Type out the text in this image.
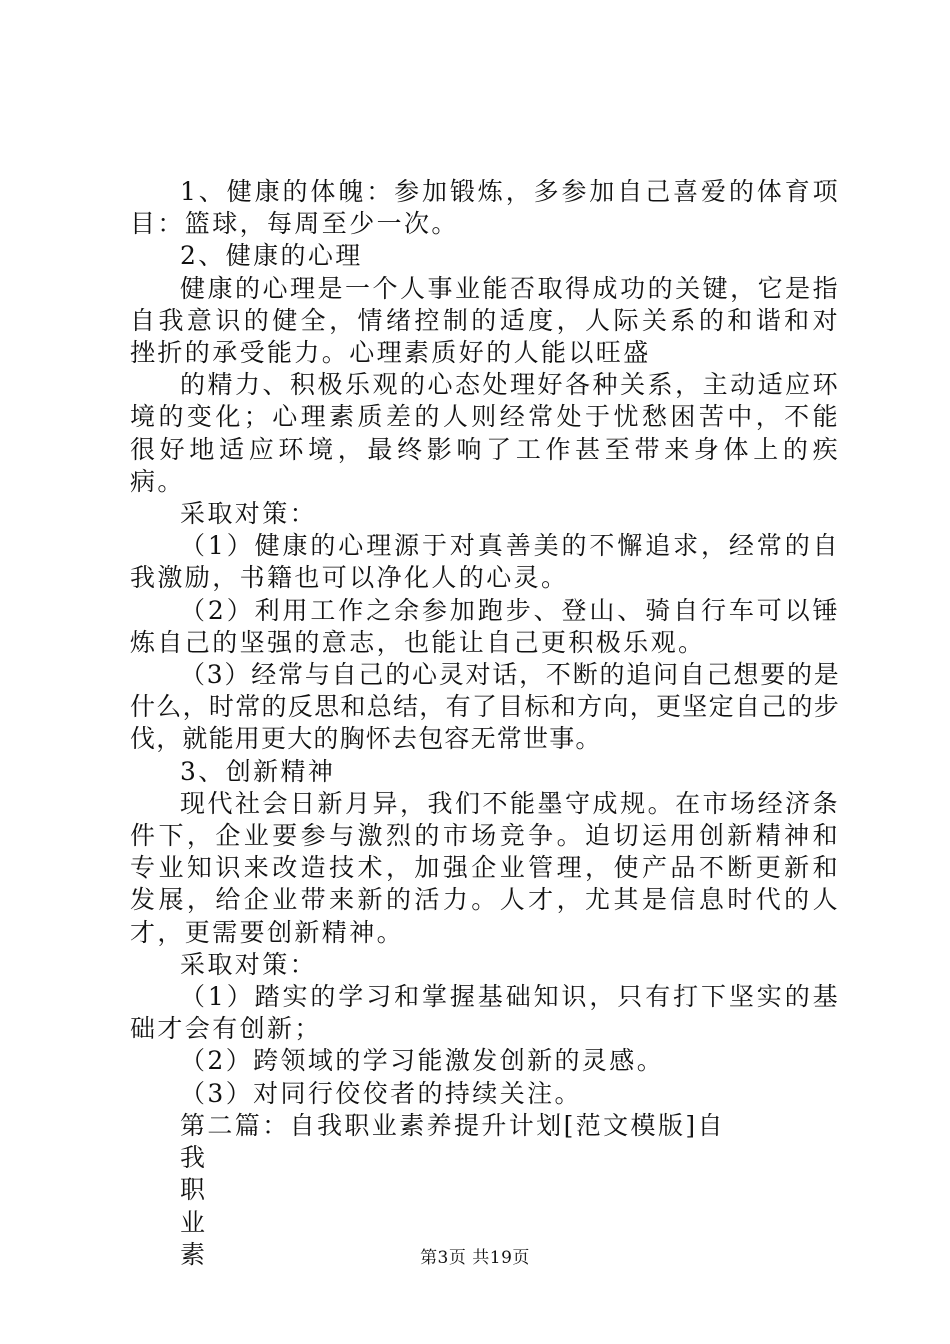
1、健康的体魄：参加锻炼，多参加自己喜爱的体育项目：篮球，每周至少一次。

2、健康的心理

健康的心理是一个人事业能否取得成功的关键，它是指自我意识的健全，情绪控制的适度，人际关系的和谐和对挫折的承受能力。心理素质好的人能以旺盛

的精力、积极乐观的心态处理好各种关系，主动适应环境的变化；心理素质差的人则经常处于忧愁困苦中，不能很好地适应环境，最终影响了工作甚至带来身体上的疾病。

采取对策：

（1）健康的心理源于对真善美的不懈追求，经常的自我激励，书籍也可以净化人的心灵。

（2）利用工作之余参加跑步、登山、骑自行车可以锤炼自己的坚强的意志，也能让自己更积极乐观。

（3）经常与自己的心灵对话，不断的追问自己想要的是什么，时常的反思和总结，有了目标和方向，更坚定自己的步伐，就能用更大的胸怀去包容无常世事。

3、创新精神

现代社会日新月异，我们不能墨守成规。在市场经济条件下，企业要参与激烈的市场竞争。迫切运用创新精神和专业知识来改造技术，加强企业管理，使产品不断更新和发展，给企业带来新的活力。人才，尤其是信息时代的人才，更需要创新精神。

采取对策：

（1）踏实的学习和掌握基础知识，只有打下坚实的基础才会有创新；

（2）跨领域的学习能激发创新的灵感。

（3）对同行佼佼者的持续关注。

第二篇：自我职业素养提升计划[范文模版]自

我

职

业

素	第3页 共19页
